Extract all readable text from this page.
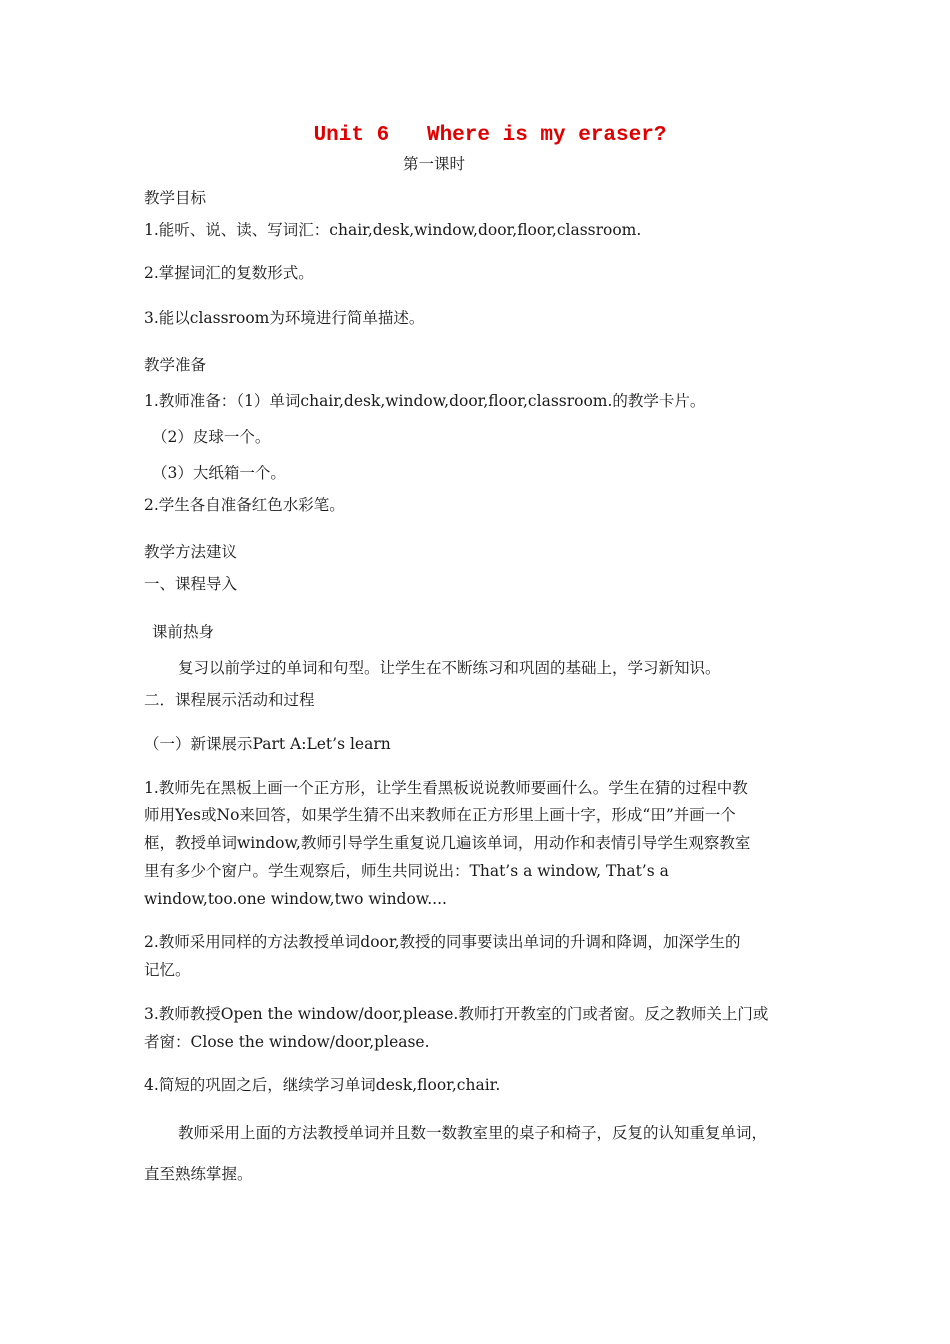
Unit 6   Where is my eraser?
第一课时
教学目标
1.能听、说、读、写词汇：chair,desk,window,door,floor,classroom.
2.掌握词汇的复数形式。
3.能以classroom为环境进行简单描述。
教学准备
1.教师准备：（1）单词chair,desk,window,door,floor,classroom.的教学卡片。
（2）皮球一个。
（3）大纸箱一个。
2.学生各自准备红色水彩笔。
教学方法建议
一、课程导入
课前热身
复习以前学过的单词和句型。让学生在不断练习和巩固的基础上，学习新知识。
二．课程展示活动和过程
（一）新课展示Part A:Let’s learn
1.教师先在黑板上画一个正方形，让学生看黑板说说教师要画什么。学生在猜的过程中教
师用Yes或No来回答，如果学生猜不出来教师在正方形里上画十字，形成“田”并画一个
框，教授单词window,教师引导学生重复说几遍该单词，用动作和表情引导学生观察教室
里有多少个窗户。学生观察后，师生共同说出：That’s a window, That’s a
window,too.one window,two window....
2.教师采用同样的方法教授单词door,教授的同事要读出单词的升调和降调，加深学生的
记忆。
3.教师教授Open the window/door,please.教师打开教室的门或者窗。反之教师关上门或
者窗：Close the window/door,please.
4.简短的巩固之后，继续学习单词desk,floor,chair.
教师采用上面的方法教授单词并且数一数教室里的桌子和椅子，反复的认知重复单词，
直至熟练掌握。
